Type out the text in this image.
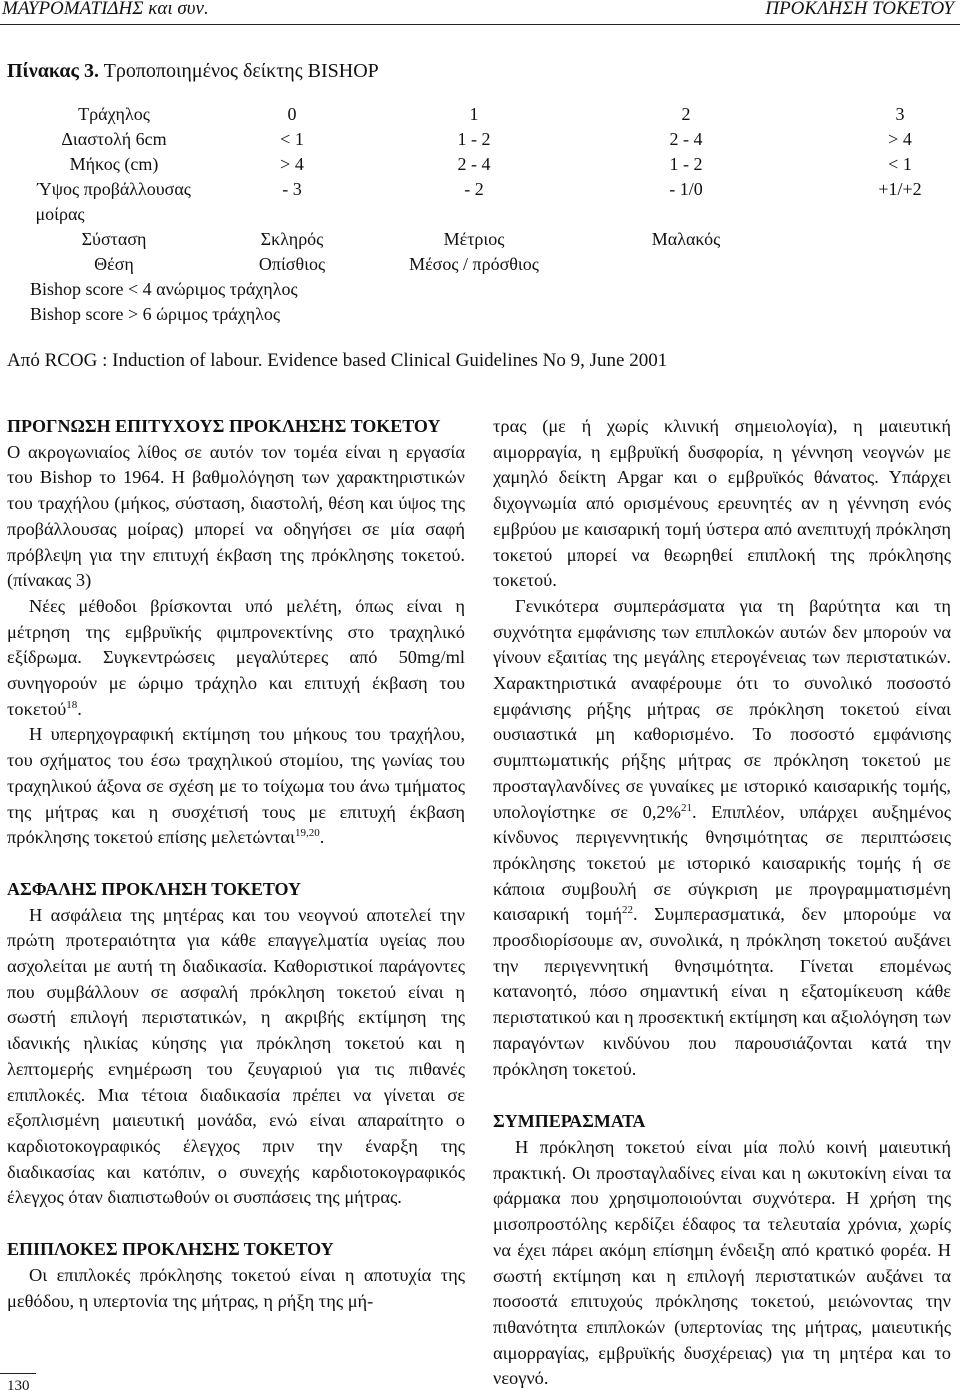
ΜΑΥΡΟΜΑΤΙΔΗΣ και συν.	ΠΡΟΚΛΗΣΗ ΤΟΚΕΤΟΥ
Πίνακας 3. Τροποποιημένος δείκτης BISHOP
Τράχηλος	0	1	2	3
Διαστολή 6cm	< 1	1 - 2	2 - 4	> 4
Μήκος (cm)	> 4	2 - 4	1 - 2	< 1
Ύψος προβάλλουσας	- 3	- 2	- 1/0	+1/+2
μοίρας
Σύσταση	Σκληρός	Μέτριος	Μαλακός
Θέση	Οπίσθιος	Μέσος / πρόσθιος
Bishop score < 4 ανώριμος τράχηλος
Bishop score > 6 ώριμος τράχηλος
Από RCOG : Induction of labour. Evidence based Clinical Guidelines No 9, June 2001
ΠΡΟΓΝΩΣΗ ΕΠΙΤΥΧΟΥΣ ΠΡΟΚΛΗΣΗΣ ΤΟΚΕΤΟΥ

Ο ακρογωνιαίος λίθος σε αυτόν τον τομέα είναι η εργασία του Bishop το 1964. Η βαθμολόγηση των χαρακτηριστικών του τραχήλου (μήκος, σύσταση, διαστολή, θέση και ύψος της προβάλλουσας μοίρας) μπορεί να οδηγήσει σε μία σαφή πρόβλεψη για την επιτυχή έκβαση της πρόκλησης τοκετού. (πίνακας 3)

Νέες μέθοδοι βρίσκονται υπό μελέτη, όπως είναι η μέτρηση της εμβρυϊκής φιμπρονεκτίνης στο τραχηλικό εξίδρωμα. Συγκεντρώσεις μεγαλύτερες από 50mg/ml συνηγορούν με ώριμο τράχηλο και επιτυχή έκβαση του τοκετού$^{18}$.

Η υπερηχογραφική εκτίμηση του μήκους του τραχήλου, του σχήματος του έσω τραχηλικού στομίου, της γωνίας του τραχηλικού άξονα σε σχέση με το τοίχωμα του άνω τμήματος της μήτρας και η συσχέτισή τους με επιτυχή έκβαση πρόκλησης τοκετού επίσης μελετώνται$^{19,20}$.

ΑΣΦΑΛΗΣ ΠΡΟΚΛΗΣΗ ΤΟΚΕΤΟΥ

Η ασφάλεια της μητέρας και του νεογνού αποτελεί την πρώτη προτεραιότητα για κάθε επαγγελματία υγείας που ασχολείται με αυτή τη διαδικασία. Καθοριστικοί παράγοντες που συμβάλλουν σε ασφαλή πρόκληση τοκετού είναι η σωστή επιλογή περιστατικών, η ακριβής εκτίμηση της ιδανικής ηλικίας κύησης για πρόκληση τοκετού και η λεπτομερής ενημέρωση του ζευγαριού για τις πιθανές επιπλοκές. Μια τέτοια διαδικασία πρέπει να γίνεται σε εξοπλισμένη μαιευτική μονάδα, ενώ είναι απαραίτητο ο καρδιοτοκογραφικός έλεγχος πριν την έναρξη της διαδικασίας και κατόπιν, ο συνεχής καρδιοτοκογραφικός έλεγχος όταν διαπιστωθούν οι συσπάσεις της μήτρας.

ΕΠΙΠΛΟΚΕΣ ΠΡΟΚΛΗΣΗΣ ΤΟΚΕΤΟΥ

Οι επιπλοκές πρόκλησης τοκετού είναι η αποτυχία της μεθόδου, η υπερτονία της μήτρας, η ρήξη της μή-

τρας (με ή χωρίς κλινική σημειολογία), η μαιευτική αιμορραγία, η εμβρυϊκή δυσφορία, η γέννηση νεογνών με χαμηλό δείκτη Apgar και ο εμβρυϊκός θάνατος. Υπάρχει διχογνωμία από ορισμένους ερευνητές αν η γέννηση ενός εμβρύου με καισαρική τομή ύστερα από ανεπιτυχή πρόκληση τοκετού μπορεί να θεωρηθεί επιπλοκή της πρόκλησης τοκετού.

Γενικότερα συμπεράσματα για τη βαρύτητα και τη συχνότητα εμφάνισης των επιπλοκών αυτών δεν μπορούν να γίνουν εξαιτίας της μεγάλης ετερογένειας των περιστατικών. Χαρακτηριστικά αναφέρουμε ότι το συνολικό ποσοστό εμφάνισης ρήξης μήτρας σε πρόκληση τοκετού είναι ουσιαστικά μη καθορισμένο. Το ποσοστό εμφάνισης συμπτωματικής ρήξης μήτρας σε πρόκληση τοκετού με προσταγλανδίνες σε γυναίκες με ιστορικό καισαρικής τομής, υπολογίστηκε σε 0,2%$^{21}$. Επιπλέον, υπάρχει αυξημένος κίνδυνος περιγεννητικής θνησιμότητας σε περιπτώσεις πρόκλησης τοκετού με ιστορικό καισαρικής τομής ή σε κάποια συμβουλή σε σύγκριση με προγραμματισμένη καισαρική τομή$^{22}$. Συμπερασματικά, δεν μπορούμε να προσδιορίσουμε αν, συνολικά, η πρόκληση τοκετού αυξάνει την περιγεννητική θνησιμότητα. Γίνεται επομένως κατανοητό, πόσο σημαντική είναι η εξατομίκευση κάθε περιστατικού και η προσεκτική εκτίμηση και αξιολόγηση των παραγόντων κινδύνου που παρουσιάζονται κατά την πρόκληση τοκετού.

ΣΥΜΠΕΡΑΣΜΑΤΑ

Η πρόκληση τοκετού είναι μία πολύ κοινή μαιευτική πρακτική. Οι προσταγλαδίνες είναι και η ωκυτοκίνη είναι τα φάρμακα που χρησιμοποιούνται συχνότερα. Η χρήση της μισοπροστόλης κερδίζει έδαφος τα τελευταία χρόνια, χωρίς να έχει πάρει ακόμη επίσημη ένδειξη από κρατικό φορέα. Η σωστή εκτίμηση και η επιλογή περιστατικών αυξάνει τα ποσοστά επιτυχούς πρόκλησης τοκετού, μειώνοντας την πιθανότητα επιπλοκών (υπερτονίας της μήτρας, μαιευτικής αιμορραγίας, εμβρυϊκής δυσχέρειας) για τη μητέρα και το νεογνό.

130
